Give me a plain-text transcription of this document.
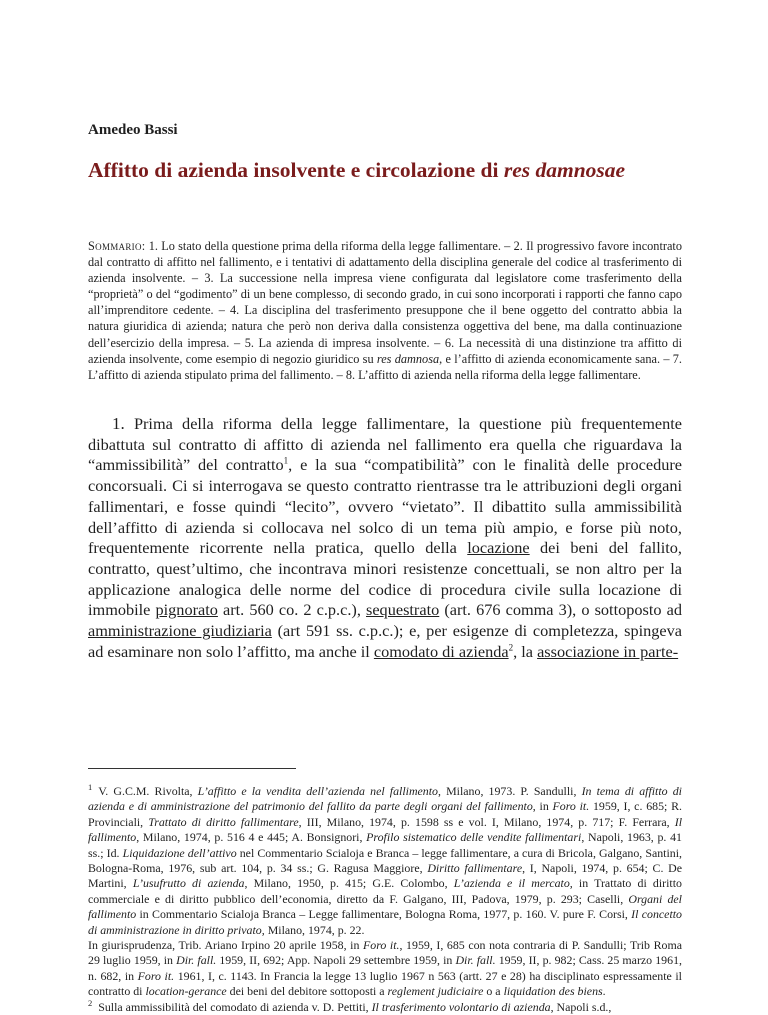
Amedeo Bassi
Affitto di azienda insolvente e circolazione di res damnosae
Sommario: 1. Lo stato della questione prima della riforma della legge fallimentare. – 2. Il progressivo favore incontrato dal contratto di affitto nel fallimento, e i tentativi di adattamento della disciplina generale del codice al trasferimento di azienda insolvente. – 3. La successione nella impresa viene configurata dal legislatore come trasferimento della “proprietà” o del “godimento” di un bene complesso, di secondo grado, in cui sono incorporati i rapporti che fanno capo all’imprenditore cedente. – 4. La disciplina del trasferimento presuppone che il bene oggetto del contratto abbia la natura giuridica di azienda; natura che però non deriva dalla consistenza oggettiva del bene, ma dalla continuazione dell’esercizio della impresa. – 5. La azienda di impresa insolvente. – 6. La necessità di una distinzione tra affitto di azienda insolvente, come esempio di negozio giuridico su res damnosa, e l’affitto di azienda economicamente sana. – 7. L’affitto di azienda stipulato prima del fallimento. – 8. L’affitto di azienda nella riforma della legge fallimentare.

1. Prima della riforma della legge fallimentare, la questione più frequentemente dibattuta sul contratto di affitto di azienda nel fallimento era quella che riguardava la “ammissibilità” del contratto$^1$, e la sua “compatibilità” con le finalità delle procedure concorsuali. Ci si interrogava se questo contratto rientrasse tra le attribuzioni degli organi fallimentari, e fosse quindi “lecito”, ovvero “vietato”. Il dibattito sulla ammissibilità dell’affitto di azienda si collocava nel solco di un tema più ampio, e forse più noto, frequentemente ricorrente nella pratica, quello della locazione dei beni del fallito, contratto, quest’ultimo, che incontrava minori resistenze concettuali, se non altro per la applicazione analogica delle norme del codice di procedura civile sulla locazione di immobile pignorato art. 560 co. 2 c.p.c.), sequestrato (art. 676 comma 3), o sottoposto ad amministrazione giudiziaria (art 591 ss. c.p.c.); e, per esigenze di completezza, spingeva ad esaminare non solo l’affitto, ma anche il comodato di azienda$^2$, la associazione in parte-

$^1$ V. G.C.M. Rivolta, L’affitto e la vendita dell’azienda nel fallimento, Milano, 1973. P. Sandulli, In tema di affitto di azienda e di amministrazione del patrimonio del fallito da parte degli organi del fallimento, in Foro it. 1959, I, c. 685; R. Provinciali, Trattato di diritto fallimentare, III, Milano, 1974, p. 1598 ss e vol. I, Milano, 1974, p. 717; F. Ferrara, Il fallimento, Milano, 1974, p. 516 4 e 445; A. Bonsignori, Profilo sistematico delle vendite fallimentari, Napoli, 1963, p. 41 ss.; Id. Liquidazione dell’attivo nel Commentario Scialoja e Branca – legge fallimentare, a cura di Bricola, Galgano, Santini, Bologna-Roma, 1976, sub art. 104, p. 34 ss.; G. Ragusa Maggiore, Diritto fallimentare, I, Napoli, 1974, p. 654; C. De Martini, L’usufrutto di azienda, Milano, 1950, p. 415; G.E. Colombo, L’azienda e il mercato, in Trattato di diritto commerciale e di diritto pubblico dell’economia, diretto da F. Galgano, III, Padova, 1979, p. 293; Caselli, Organi del fallimento in Commentario Scialoja Branca – Legge fallimentare, Bologna Roma, 1977, p. 160. V. pure F. Corsi, Il concetto di amministrazione in diritto privato, Milano, 1974, p. 22.

In giurisprudenza, Trib. Ariano Irpino 20 aprile 1958, in Foro it., 1959, I, 685 con nota contraria di P. Sandulli; Trib Roma 29 luglio 1959, in Dir. fall. 1959, II, 692; App. Napoli 29 settembre 1959, in Dir. fall. 1959, II, p. 982; Cass. 25 marzo 1961, n. 682, in Foro it. 1961, I, c. 1143. In Francia la legge 13 luglio 1967 n 563 (artt. 27 e 28) ha disciplinato espressamente il contratto di location-gerance dei beni del debitore sottoposti a reglement judiciaire o a liquidation des biens.

$^2$ Sulla ammissibilità del comodato di azienda v. D. Pettiti, Il trasferimento volontario di azienda, Napoli s.d.,
